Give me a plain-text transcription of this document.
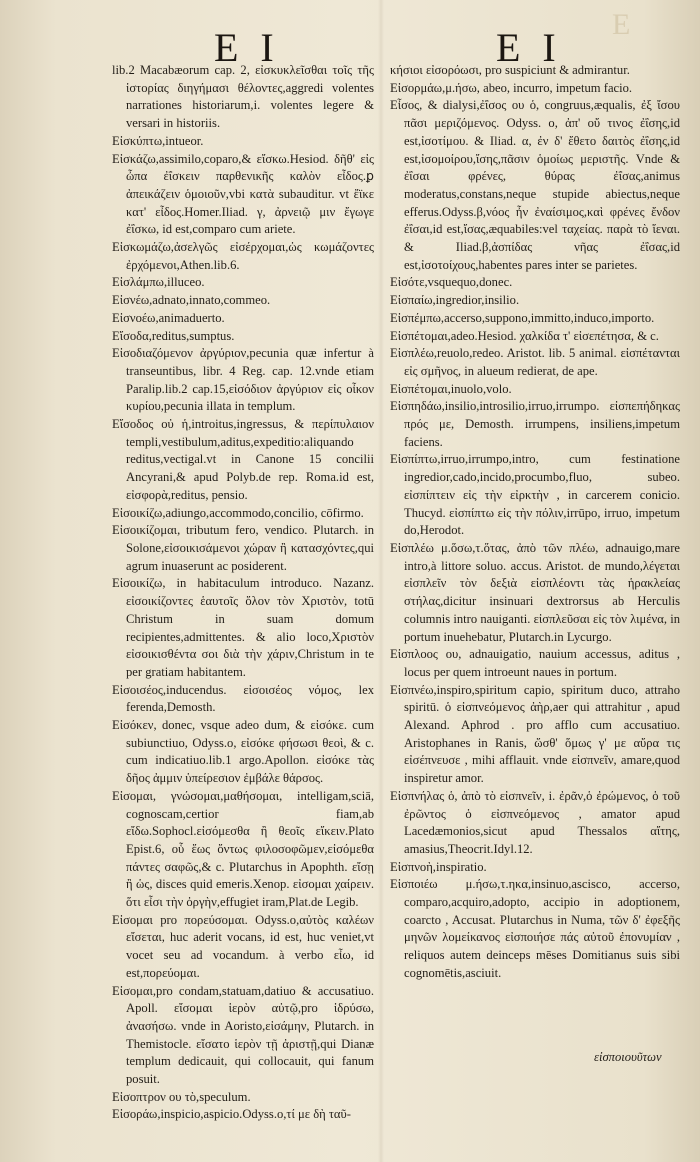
E
E I	E I

lib.2 Macabæorum cap. 2, εἰσκυκλεῖσθαι τοῖς τῆς ἱστορίας διηγήμασι θέλοντες,aggredi volentes narrationes historiarum,i. volentes legere & versari in historiis.

Εἰσκύπτω,intueor.

Εἰσκάζω,assimilo,coparo,& εἴσκω.Hesiod. δῆθ' εἰς ὦπα ἐΐσκειν παρθενικῆς καλὸν εἶδος.ꝑ ἀπεικάζειν ὁμοιοῦν,vbi κατὰ subauditur. vt ἔϊκε κατ' εἶδος.Homer.Iliad. γ, ἀρνειῷ μιν ἔγωγε ἐΐσκω, id est,comparo cum ariete.

Εἰσκωμάζω,ἀσελγῶς εἰσέρχομαι,ὡς κωμάζοντες ἐρχόμενοι,Athen.lib.6.

Εἰσλάμπω,illuceo.

Εἰσνέω,adnato,innato,commeo.

Εἰσνοέω,animaduerto.

Εἴσοδα,reditus,sumptus.

Εἰσοδιαζόμενον ἀργύριον,pecunia quæ infertur à transeuntibus, libr. 4 Reg. cap. 12.vnde etiam Paralip.lib.2 cap.15,εἰσόδιον ἀργύριον εἰς οἶκον κυρίου,pecunia illata in templum.

Εἴσοδος οὐ ἡ,introitus,ingressus, & περίπυλαιον templi,vestibulum,aditus,expeditio:aliquando reditus,vectigal.vt in Canone 15 concilii Ancyrani,& apud Polyb.de rep. Roma.id est, εἰσφορὰ,reditus, pensio.

Εἰσοικίζω,adiungo,accommodo,concilio, cōfirmo.

Εἰσοικίζομαι, tributum fero, vendico. Plutarch. in Solone,εἰσοικισάμενοι χώραν ἢ κατασχόντες,qui agrum inuaserunt ac posiderent.

Εἰσοικίζω, in habitaculum introduco. Nazanz. εἰσοικίζοντες ἑαυτοῖς ὅλον τὸν Χριστὸν, totū Christum in suam domum recipientes,admittentes. & alio loco,Χριστὸν εἰσοικισθέντα σοι διὰ τὴν χάριν,Christum in te per gratiam habitantem.

Εἰσοισέος,inducendus. εἰσοισέος νόμος, lex ferenda,Demosth.

Εἰσόκεν, donec, vsque adeo dum, & εἰσόκε. cum subiunctiuo, Odyss.o, εἰσόκε φήσωσι θεοὶ, & c. cum indicatiuo.lib.1 argo.Apollon. εἰσόκε τὰς δῆος ἀμμιν ὑπείρεσιον ἐμβάλε θάρσος.

Εἰσομαι, γνώσομαι,μαθήσομαι, intelligam,sciā, cognoscam,certior fiam,ab εἴδω.Sophocl.εἰσόμεσθα ἢ θεοῖς εἴκειν.Plato Epist.6, οὗ ἕως ὄντως φιλοσοφῶμεν,εἰσόμεθα πάντες σαφῶς,& c. Plutarchus in Apophth. εἴσῃ ἢ ὡς, disces quid emeris.Xenop. εἰσομαι χαίρειν. ὅτι εἶσι τὴν ὀργὴν,effugiet iram,Plat.de Legib.

Εἰσομαι pro πορεύσομαι. Odyss.o,αὐτὸς καλέων εἴσεται, huc aderit vocans, id est, huc veniet,vt vocet seu ad vocandum. à verbo εἶω, id est,πορεύομαι.

Εἰσομαι,pro condam,statuam,datiuo & accusatiuo. Apoll. εἴσομαι ἱερὸν αὐτῷ,pro ἱδρύσω, ἀνασήσω. vnde in Aoristo,εἰσάμην, Plutarch. in Themistocle. εἴσατο ἱερὸν τῇ ἀριστῇ,qui Dianæ templum dedicauit, qui collocauit, qui fanum posuit.

Εἰσοπτρον ου τὸ,speculum.

Εἰσοράω,inspicio,aspicio.Odyss.o,τί με δὴ ταῦ-

κήσιοι εἰσορόωσι, pro suspiciunt & admirantur.

Εἰσορμάω,μ.ήσω, abeo, incurro, impetum facio.

Εἶσος, & dialysi,ἐΐσος ου ὁ, congruus,æqualis, ἐξ ἴσου πᾶσι μεριζόμενος. Odyss. ο, ἀπ' οὔ τινος ἐΐσης,id est,ἰσοτίμου. & Iliad. α, ἐν δ' ἔθετο δαιτὸς ἐΐσης,id est,ἰσομοίρου,ἴσης,πᾶσιν ὁμοίως μεριστῆς. Vnde & ἐΐσαι φρένες, θύρας ἐΐσας,animus moderatus,constans,neque stupide abiectus,neque efferus.Odyss.β,νόος ἦν ἐναίσιμος,καὶ φρένες ἔνδον ἐΐσαι,id est,ἴσας,æquabiles:vel ταχείας. παρὰ τὸ ἵεναι. & Iliad.β,ἀσπίδας νῆας ἐΐσας,id est,ἰσοτοίχους,habentes pares inter se parietes.

Εἰσότε,vsquequo,donec.

Εἰσπαίω,ingredior,insilio.

Εἰσπέμπω,accerso,suppono,immitto,induco,importo.

Εἰσπέτομαι,adeo.Hesiod. χαλκίδα τ' εἰσεπέτησα, & c.

Εἰσπλέω,reuolo,redeo. Aristot. lib. 5 animal. εἰσπέτανται εἰς σμῆνος, in alueum redierat, de ape.

Εἰσπέτομαι,inuolo,volo.

Εἰσπηδάω,insilio,introsilio,irruo,irrumpo. εἰσπεπήδηκας πρός με, Demosth. irrumpens, insiliens,impetum faciens.

Εἰσπίπτω,irruo,irrumpo,intro, cum festinatione ingredior,cado,incido,procumbo,fluo, subeo. εἰσπίπτειν εἰς τὴν εἰρκτὴν , in carcerem conicio. Thucyd. εἰσπίπτω εἰς τὴν πόλιν,irrūpo, irruo, impetum do,Herodot.

Εἰσπλέω μ.ὅσω,τ.ὅτας, ἀπὸ τῶν πλέω, adnauigo,mare intro,à littore soluo. accus. Aristot. de mundo,λέγεται εἰσπλεῖν τὸν δεξιὰ εἰσπλέοντι τὰς ἡρακλείας στήλας,dicitur insinuari dextrorsus ab Herculis columnis intro nauiganti. εἰσπλεῦσαι εἰς τὸν λιμένα, in portum inuehebatur, Plutarch.in Lycurgo.

Εἰσπλοος ου, adnauigatio, nauium accessus, aditus , locus per quem introeunt naues in portum.

Εἰσπνέω,inspiro,spiritum capio, spiritum duco, attraho spiritū. ὁ εἰσπνεόμενος ἀὴρ,aer qui attrahitur , apud Alexand. Aphrod . pro afflo cum accusatiuo. Aristophanes in Ranis, ὥσθ' ὅμως γ' με αὔρα τις εἰσέπνευσε , mihi afflauit. vnde εἰσπνεῖν, amare,quod inspiretur amor.

Εἰσπνήλας ὁ, ἀπὸ τὸ εἰσπνεῖν, i. ἐρᾶν,ὁ ἐρώμενος, ὁ τοῦ ἐρῶντος ὁ εἰσπνεόμενος , amator apud Lacedæmonios,sicut apud Thessalos αἴτης, amasius,Theocrit.Idyl.12.

Εἰσπνοὴ,inspiratio.

Εἰσποιέω μ.ήσω,τ.ηκα,insinuo,ascisco, accerso, comparo,acquiro,adopto, accipio in adoptionem, coarcto , Accusat. Plutarchus in Numa, τῶν δ' ἐφεξῆς μηνῶν λομείκανος εἰσποιήσε πάς αὐτοῦ ἐπονυμίαν , reliquos autem deinceps mēses Domitianus suis sibi cognomētis,asciuit.

εἰσποιουῦτων
